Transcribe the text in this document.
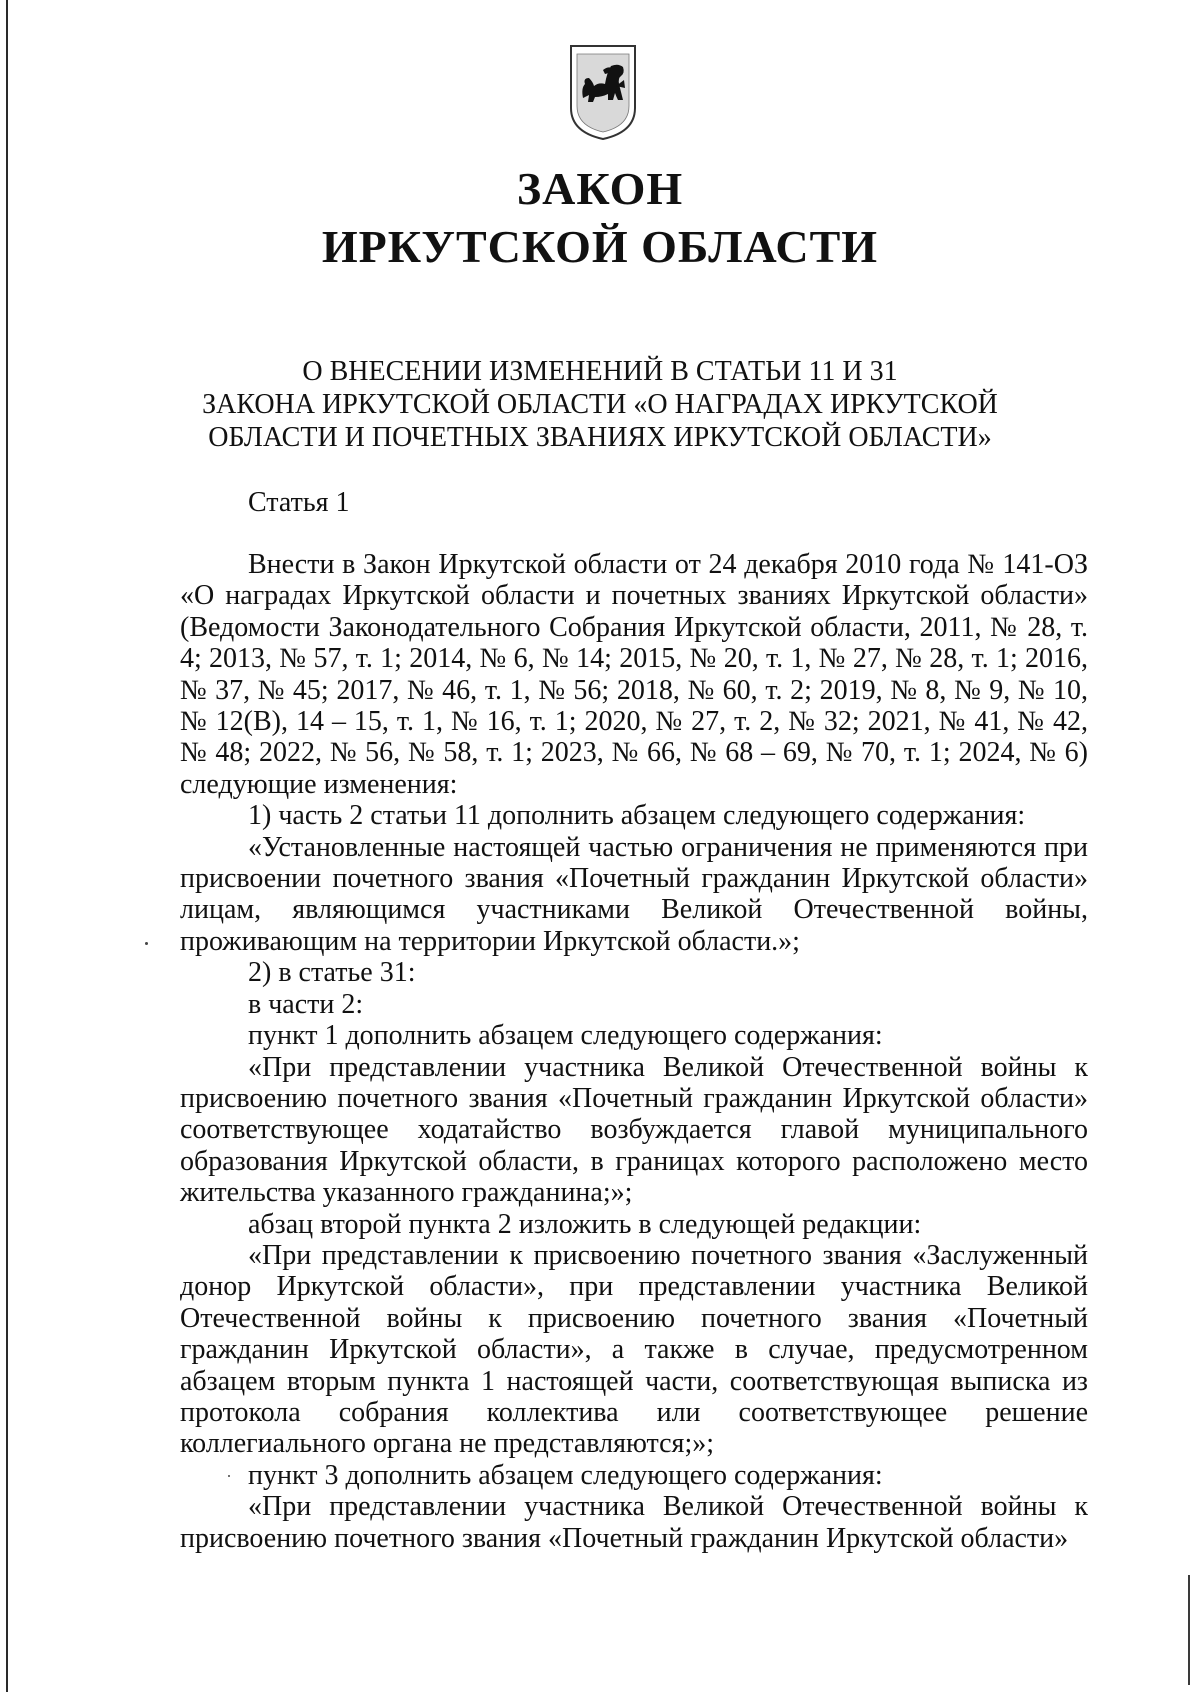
ЗАКОН
ИРКУТСКОЙ ОБЛАСТИ
О ВНЕСЕНИИ ИЗМЕНЕНИЙ В СТАТЬИ 11 И 31
ЗАКОНА ИРКУТСКОЙ ОБЛАСТИ «О НАГРАДАХ ИРКУТСКОЙ
ОБЛАСТИ И ПОЧЕТНЫХ ЗВАНИЯХ ИРКУТСКОЙ ОБЛАСТИ»
Статья 1

Внести в Закон Иркутской области от 24 декабря 2010 года № 141-ОЗ «О наградах Иркутской области и почетных званиях Иркутской области» (Ведомости Законодательного Собрания Иркутской области, 2011, № 28, т. 4; 2013, № 57, т. 1; 2014, № 6, № 14; 2015, № 20, т. 1, № 27, № 28, т. 1; 2016, № 37, № 45; 2017, № 46, т. 1, № 56; 2018, № 60, т. 2; 2019, № 8, № 9, № 10, № 12(В), 14 – 15, т. 1, № 16, т. 1; 2020, № 27, т. 2, № 32; 2021, № 41, № 42, № 48; 2022, № 56, № 58, т. 1; 2023, № 66, № 68 – 69, № 70, т. 1; 2024, № 6) следующие изменения:

1) часть 2 статьи 11 дополнить абзацем следующего содержания:

«Установленные настоящей частью ограничения не применяются при присвоении почетного звания «Почетный гражданин Иркутской области» лицам, являющимся участниками Великой Отечественной войны, проживающим на территории Иркутской области.»;

2) в статье 31:

в части 2:

пункт 1 дополнить абзацем следующего содержания:

«При представлении участника Великой Отечественной войны к присвоению почетного звания «Почетный гражданин Иркутской области» соответствующее ходатайство возбуждается главой муниципального образования Иркутской области, в границах которого расположено место жительства указанного гражданина;»;

абзац второй пункта 2 изложить в следующей редакции:

«При представлении к присвоению почетного звания «Заслуженный донор Иркутской области», при представлении участника Великой Отечественной войны к присвоению почетного звания «Почетный гражданин Иркутской области», а также в случае, предусмотренном абзацем вторым пункта 1 настоящей части, соответствующая выписка из протокола собрания коллектива или соответствующее решение коллегиального органа не представляются;»;

пункт 3 дополнить абзацем следующего содержания:

«При представлении участника Великой Отечественной войны к присвоению почетного звания «Почетный гражданин Иркутской области»
